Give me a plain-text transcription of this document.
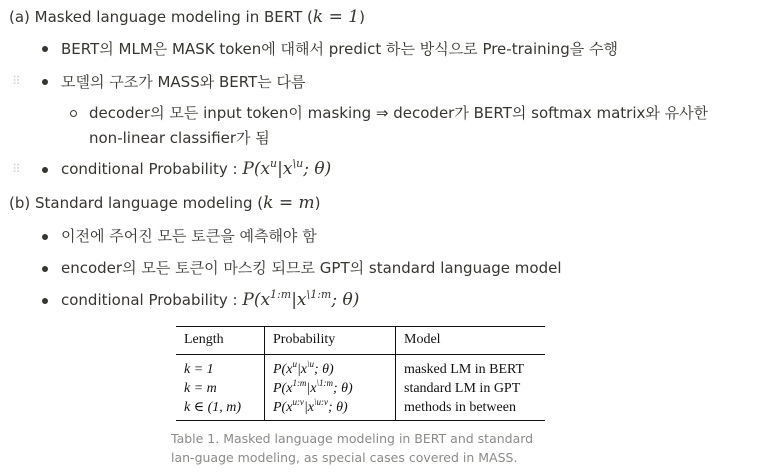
(a) Masked language modeling in BERT (k = 1)
BERT의 MLM은 MASK token에 대해서 predict 하는 방식으로 Pre-training을 수행
⠿	모델의 구조가 MASS와 BERT는 다름
decoder의 모든 input token이 masking ⇒ decoder가 BERT의 softmax matrix와 유사한
non-linear classifier가 됨
⠿	conditional Probability : $P(x^u|x^{\backslash u}$; θ)
(b) Standard language modeling (k = m)
이전에 주어진 모든 토큰을 예측해야 함
encoder의 모든 토큰이 마스킹 되므로 GPT의 standard language model
conditional Probability : $P(x^{1:m}|x^{\backslash 1:m}$; θ)
Length	Probability	Model
k = 1	$P(x^u|x^{\backslash u}$; θ)	masked LM in BERT
k = m	$P(x^{1:m}|x^{\backslash 1:m}$; θ)	standard LM in GPT
k ∈ (1, m)	$P(x^{u:v}|x^{\backslash u:v}$; θ)	methods in between
Table 1. Masked language modeling in BERT and standard lan-guage modeling, as special cases covered in MASS.
